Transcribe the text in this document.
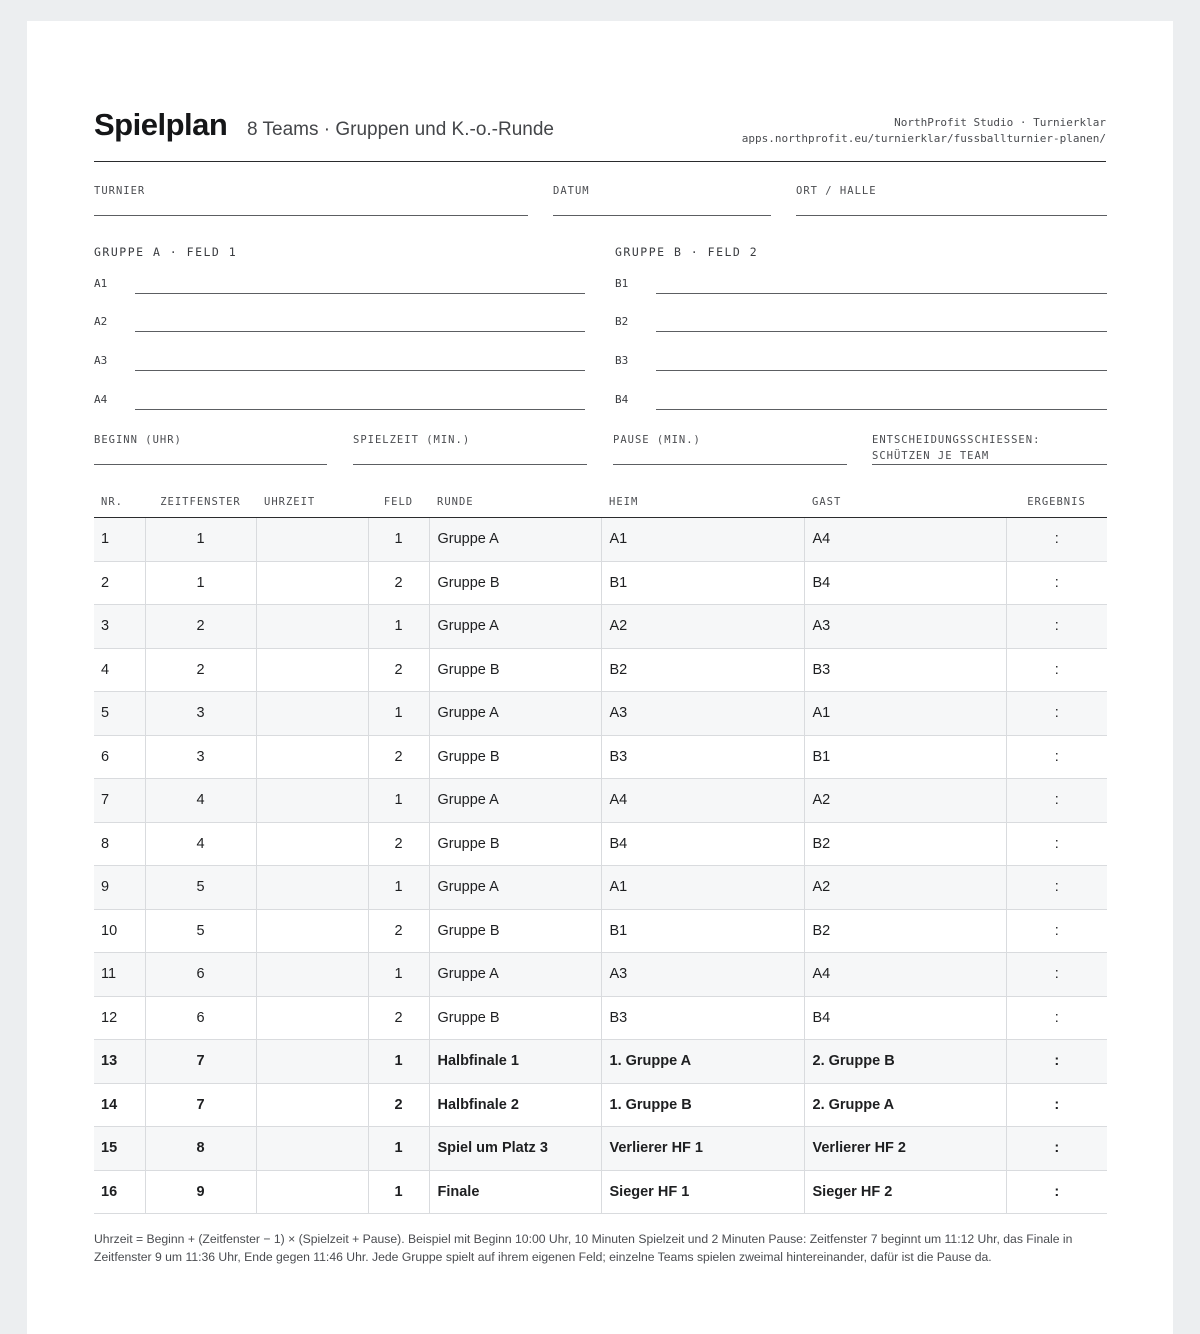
Spielplan 8 Teams · Gruppen und K.-o.-Runde	NorthProfit Studio · Turnierklar
apps.northprofit.eu/turnierklar/fussballturnier-planen/
TURNIER	DATUM	ORT / HALLE
GRUPPE A · FELD 1
A1
A2
A3
A4
GRUPPE B · FELD 2
B1
B2
B3
B4
BEGINN (UHR)	SPIELZEIT (MIN.)	PAUSE (MIN.)	ENTSCHEIDUNGSSCHIESSEN:
SCHÜTZEN JE TEAM
NR.	ZEITFENSTER	UHRZEIT	FELD	RUNDE	HEIM	GAST	ERGEBNIS
1	1		1	Gruppe A	A1	A4	:
2	1		2	Gruppe B	B1	B4	:
3	2		1	Gruppe A	A2	A3	:
4	2		2	Gruppe B	B2	B3	:
5	3		1	Gruppe A	A3	A1	:
6	3		2	Gruppe B	B3	B1	:
7	4		1	Gruppe A	A4	A2	:
8	4		2	Gruppe B	B4	B2	:
9	5		1	Gruppe A	A1	A2	:
10	5		2	Gruppe B	B1	B2	:
11	6		1	Gruppe A	A3	A4	:
12	6		2	Gruppe B	B3	B4	:
13	7		1	Halbfinale 1	1. Gruppe A	2. Gruppe B	:
14	7		2	Halbfinale 2	1. Gruppe B	2. Gruppe A	:
15	8		1	Spiel um Platz 3	Verlierer HF 1	Verlierer HF 2	:
16	9		1	Finale	Sieger HF 1	Sieger HF 2	:
Uhrzeit = Beginn + (Zeitfenster − 1) × (Spielzeit + Pause). Beispiel mit Beginn 10:00 Uhr, 10 Minuten Spielzeit und 2 Minuten Pause: Zeitfenster 7 beginnt um 11:12 Uhr, das Finale in Zeitfenster 9 um 11:36 Uhr, Ende gegen 11:46 Uhr. Jede Gruppe spielt auf ihrem eigenen Feld; einzelne Teams spielen zweimal hintereinander, dafür ist die Pause da.
